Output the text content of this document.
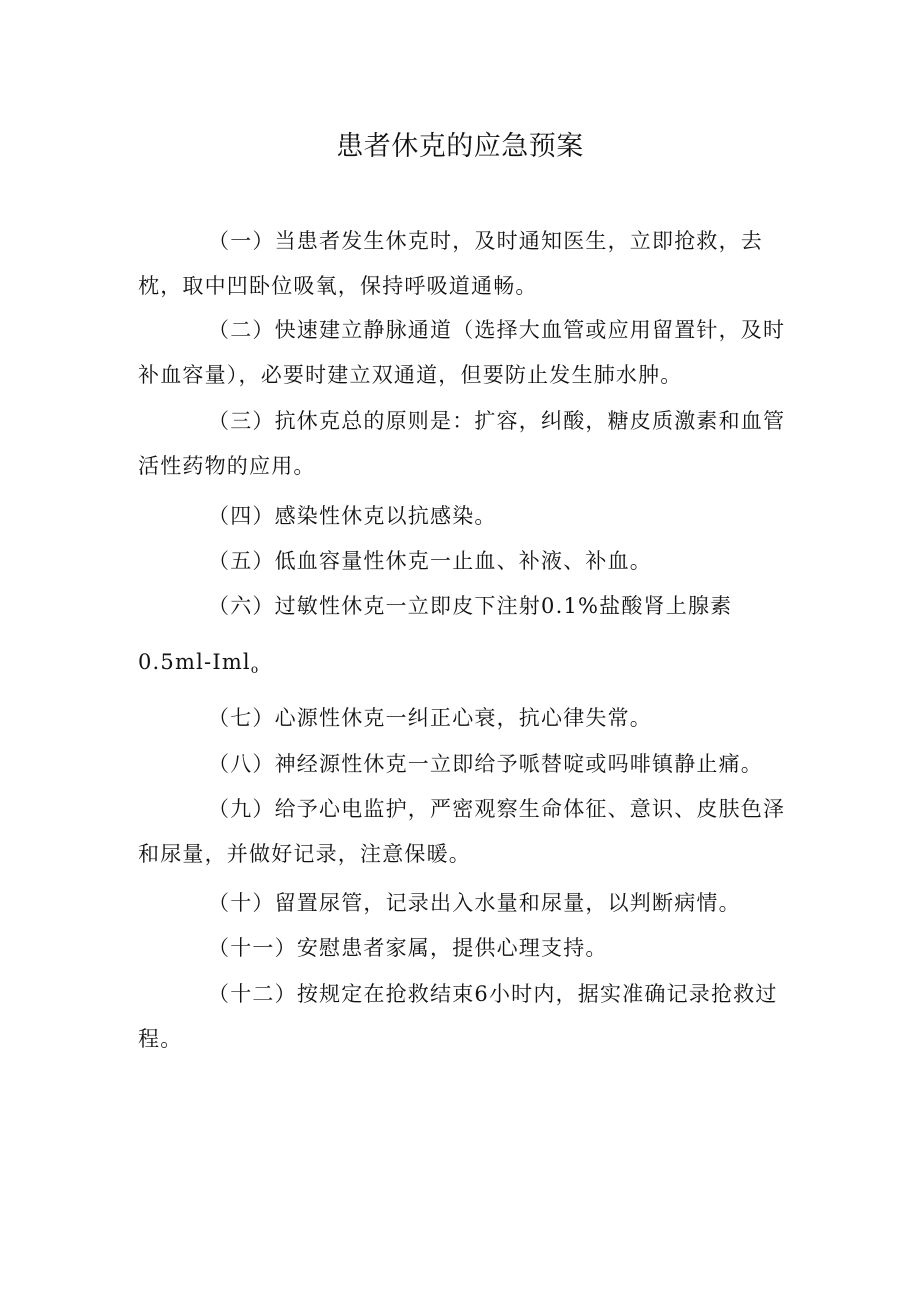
患者休克的应急预案

（一）当患者发生休克时，及时通知医生，立即抢救，去枕，取中凹卧位吸氧，保持呼吸道通畅。

（二）快速建立静脉通道（选择大血管或应用留置针，及时补血容量），必要时建立双通道，但要防止发生肺水肿。

（三）抗休克总的原则是：扩容，纠酸，糖皮质激素和血管活性药物的应用。

（四）感染性休克以抗感染。

（五）低血容量性休克一止血、补液、补血。

（六）过敏性休克一立即皮下注射0.1%盐酸肾上腺素

0.5ml-Iml$_o$

（七）心源性休克一纠正心衰，抗心律失常。

（八）神经源性休克一立即给予哌替啶或吗啡镇静止痛。

（九）给予心电监护，严密观察生命体征、意识、皮肤色泽和尿量，并做好记录，注意保暖。

（十）留置尿管，记录出入水量和尿量，以判断病情。

（十一）安慰患者家属，提供心理支持。

（十二）按规定在抢救结束6小时内，据实准确记录抢救过程。
